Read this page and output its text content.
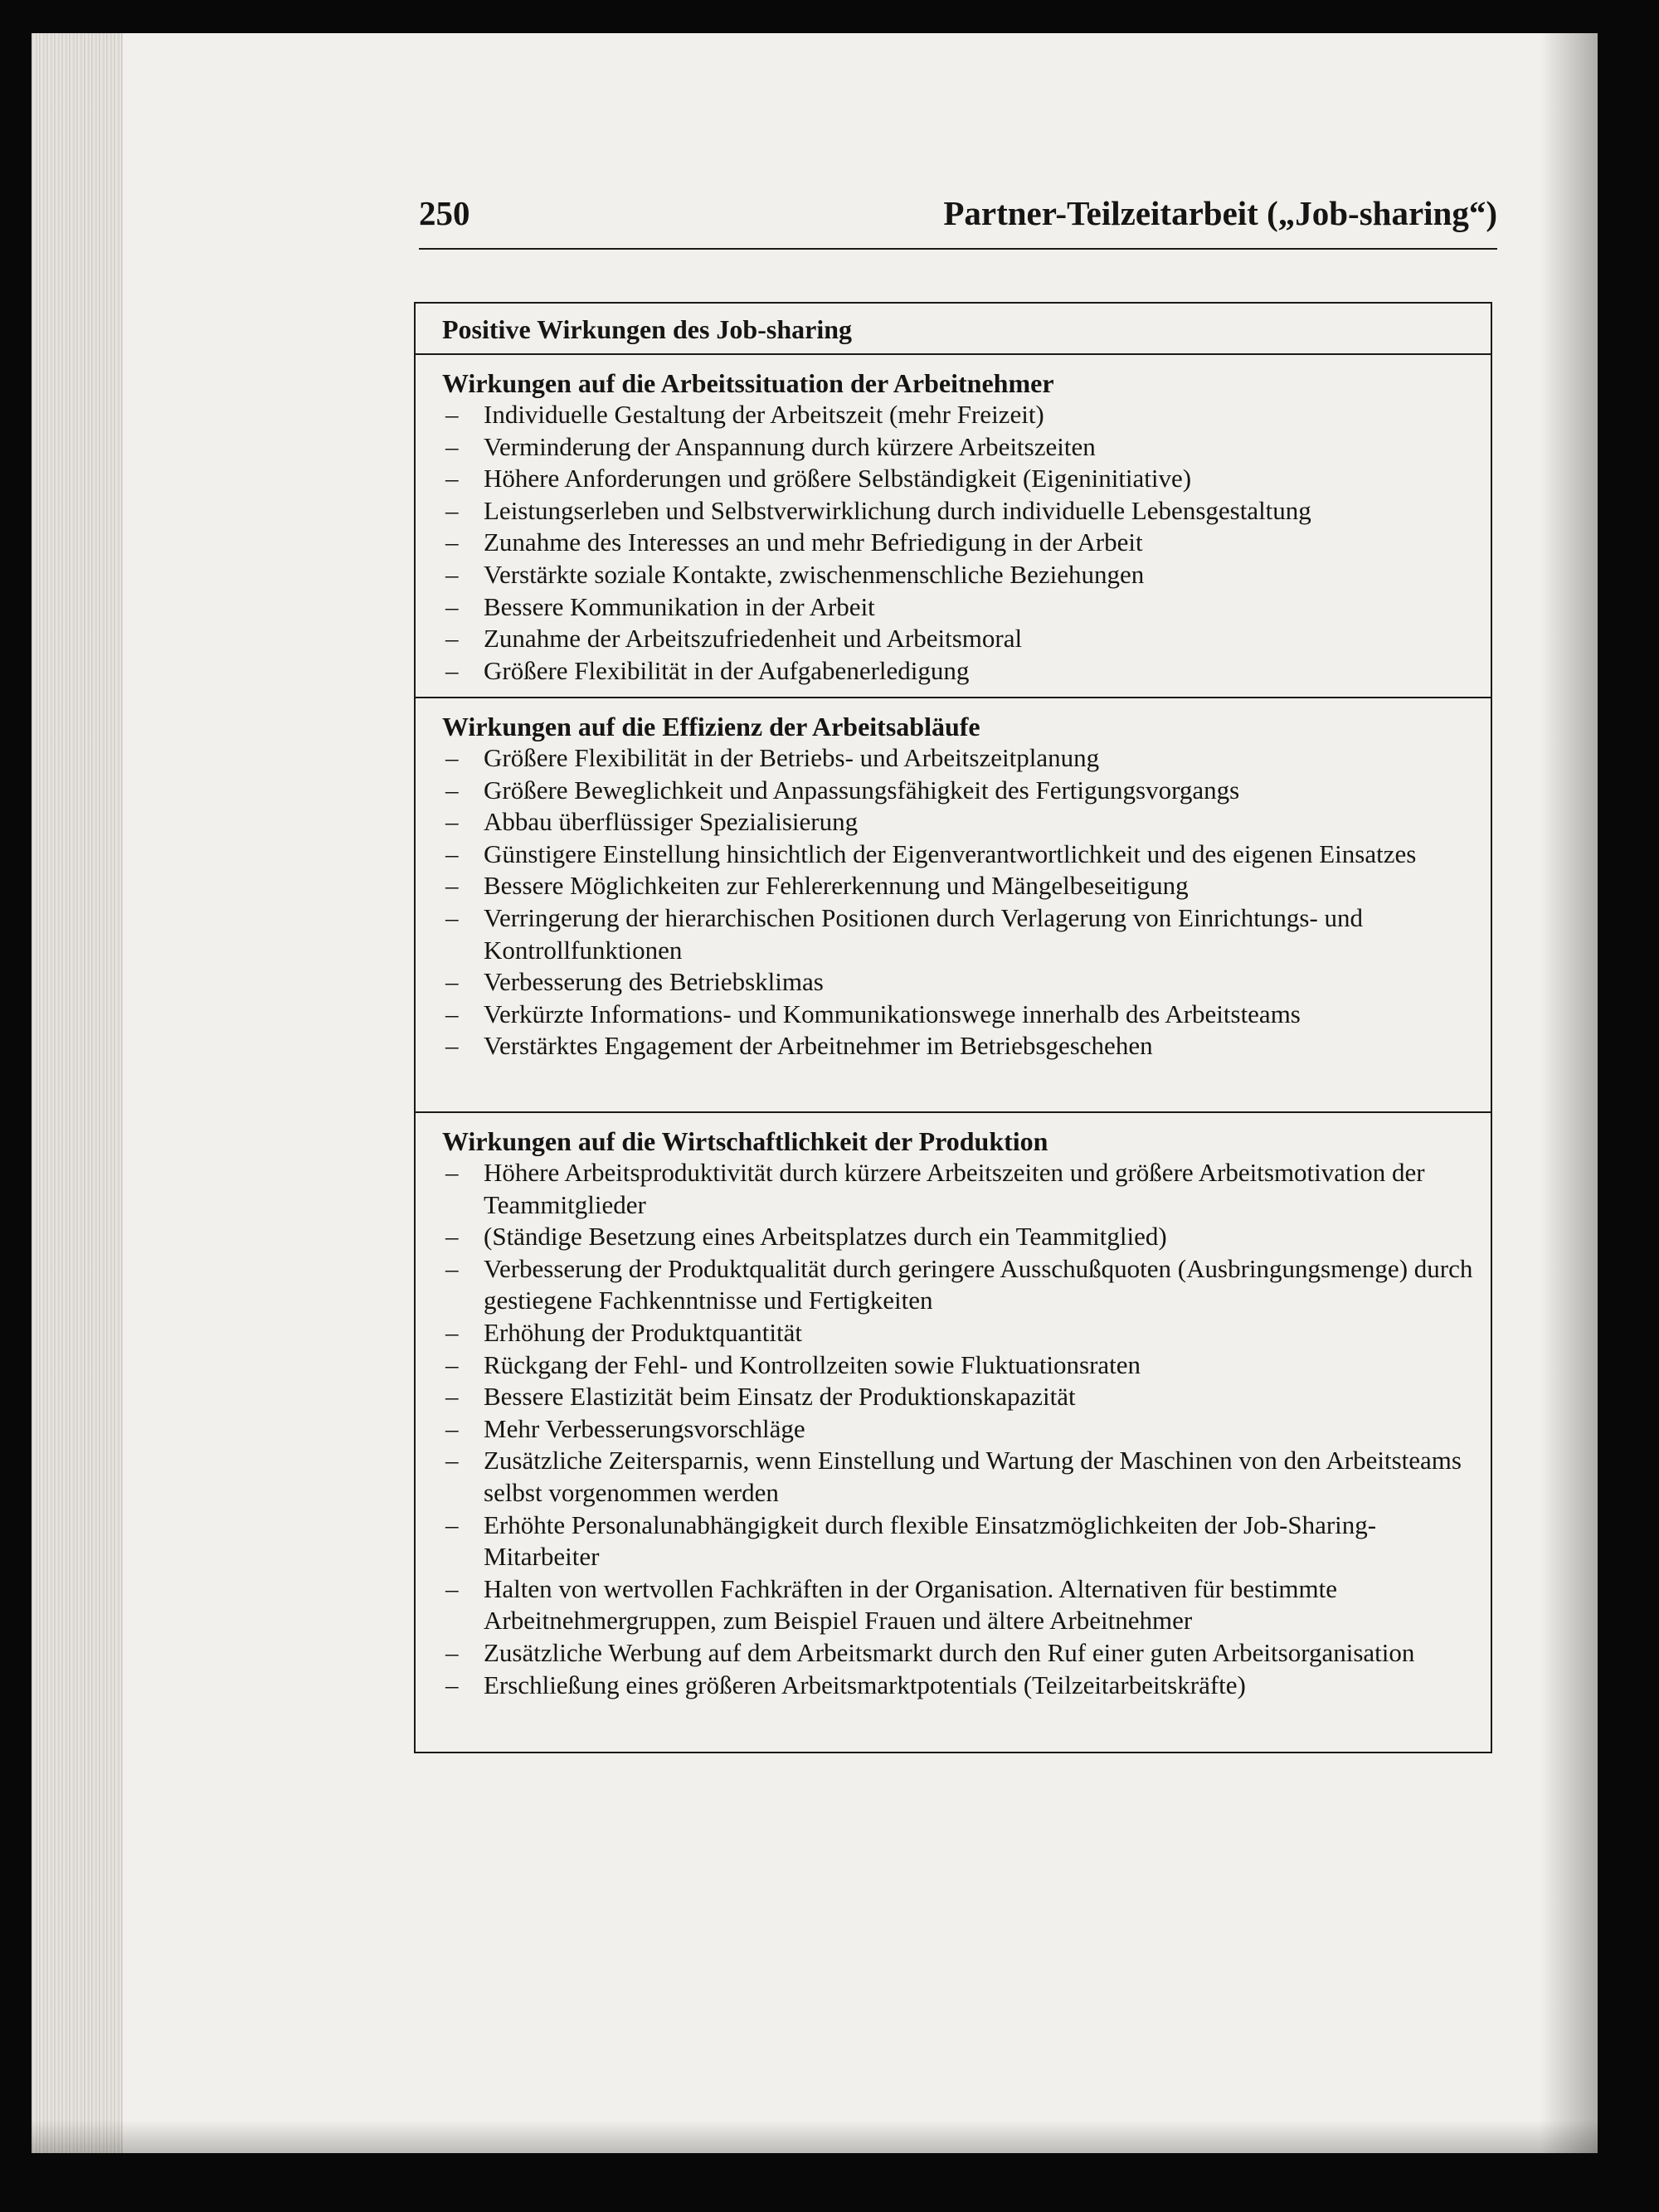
250	Partner-Teilzeitarbeit („Job-sharing“)
Positive Wirkungen des Job-sharing
Wirkungen auf die Arbeitssituation der Arbeitnehmer
– Individuelle Gestaltung der Arbeitszeit (mehr Freizeit)
– Verminderung der Anspannung durch kürzere Arbeitszeiten
– Höhere Anforderungen und größere Selbständigkeit (Eigeninitiative)
– Leistungserleben und Selbstverwirklichung durch individuelle Lebensgestaltung
– Zunahme des Interesses an und mehr Befriedigung in der Arbeit
– Verstärkte soziale Kontakte, zwischenmenschliche Beziehungen
– Bessere Kommunikation in der Arbeit
– Zunahme der Arbeitszufriedenheit und Arbeitsmoral
– Größere Flexibilität in der Aufgabenerledigung
Wirkungen auf die Effizienz der Arbeitsabläufe
– Größere Flexibilität in der Betriebs- und Arbeitszeitplanung
– Größere Beweglichkeit und Anpassungsfähigkeit des Fertigungsvorgangs
– Abbau überflüssiger Spezialisierung
– Günstigere Einstellung hinsichtlich der Eigenverantwortlichkeit und des eigenen Einsatzes
– Bessere Möglichkeiten zur Fehlererkennung und Mängelbeseitigung
– Verringerung der hierarchischen Positionen durch Verlagerung von Einrichtungs- und Kontrollfunktionen
– Verbesserung des Betriebsklimas
– Verkürzte Informations- und Kommunikationswege innerhalb des Arbeitsteams
– Verstärktes Engagement der Arbeitnehmer im Betriebsgeschehen
Wirkungen auf die Wirtschaftlichkeit der Produktion
– Höhere Arbeitsproduktivität durch kürzere Arbeitszeiten und größere Arbeitsmotivation der Teammitglieder
– (Ständige Besetzung eines Arbeitsplatzes durch ein Teammitglied)
– Verbesserung der Produktqualität durch geringere Ausschußquoten (Ausbringungsmenge) durch gestiegene Fachkenntnisse und Fertigkeiten
– Erhöhung der Produktquantität
– Rückgang der Fehl- und Kontrollzeiten sowie Fluktuationsraten
– Bessere Elastizität beim Einsatz der Produktionskapazität
– Mehr Verbesserungsvorschläge
– Zusätzliche Zeitersparnis, wenn Einstellung und Wartung der Maschinen von den Arbeitsteams selbst vorgenommen werden
– Erhöhte Personalunabhängigkeit durch flexible Einsatzmöglichkeiten der Job-Sharing-Mitarbeiter
– Halten von wertvollen Fachkräften in der Organisation. Alternativen für bestimmte Arbeitnehmergruppen, zum Beispiel Frauen und ältere Arbeitnehmer
– Zusätzliche Werbung auf dem Arbeitsmarkt durch den Ruf einer guten Arbeitsorganisation
– Erschließung eines größeren Arbeitsmarktpotentials (Teilzeitarbeitskräfte)
